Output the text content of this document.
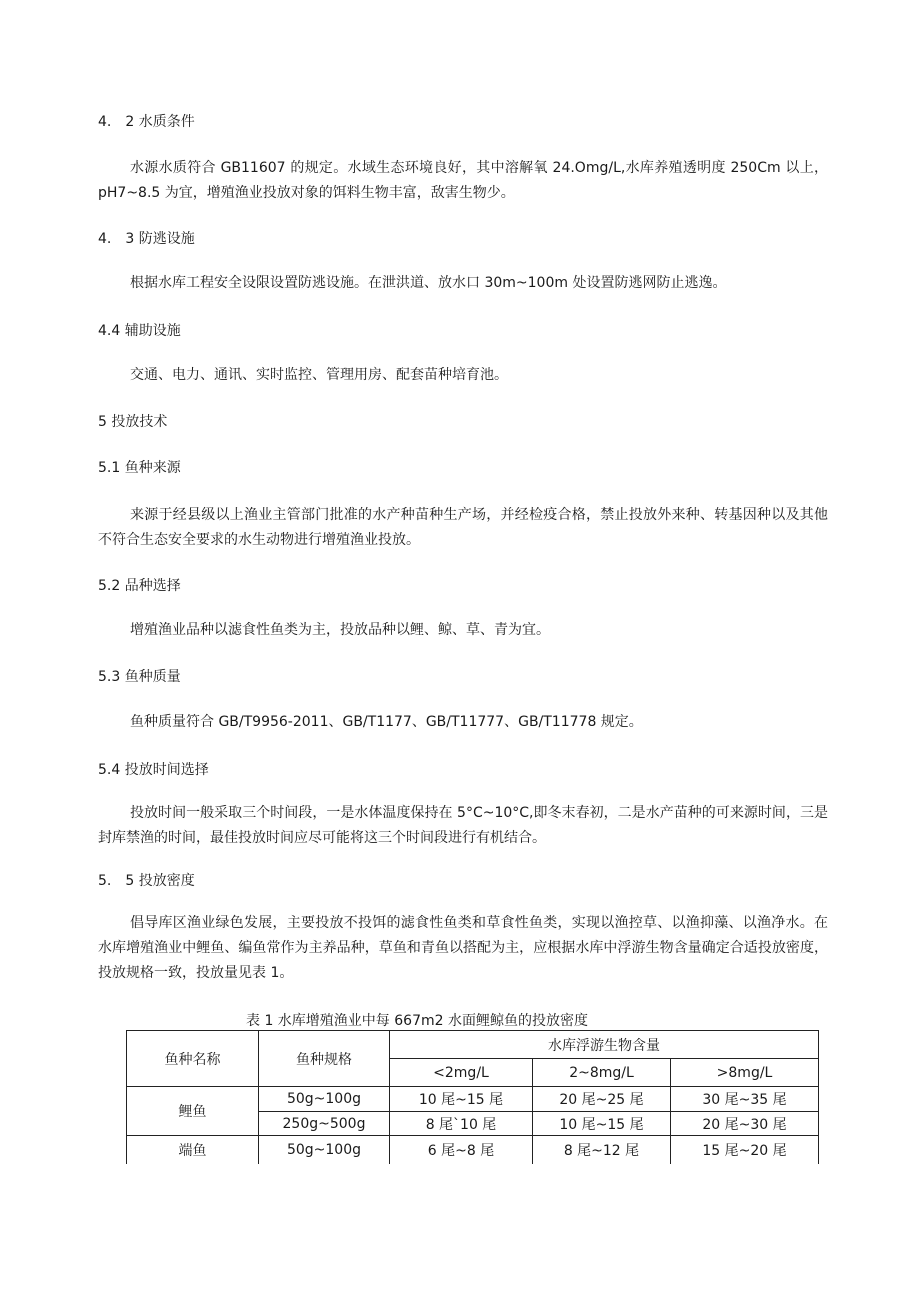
4.　2 水质条件
水源水质符合 GB11607 的规定。水域生态环境良好，其中溶解氧 24.Omg/L,水库养殖透明度 250Cm 以上，pH7~8.5 为宜，增殖渔业投放对象的饵料生物丰富，敌害生物少。
4.　3 防逃设施
根据水库工程安全设限设置防逃设施。在泄洪道、放水口 30m~100m 处设置防逃网防止逃逸。
4.4 辅助设施
交通、电力、通讯、实时监控、管理用房、配套苗种培育池。
5 投放技术
5.1 鱼种来源
来源于经县级以上渔业主管部门批准的水产种苗种生产场，并经检疫合格，禁止投放外来种、转基因种以及其他不符合生态安全要求的水生动物进行增殖渔业投放。
5.2 品种选择
增殖渔业品种以滤食性鱼类为主，投放品种以鲤、鲸、草、青为宜。
5.3 鱼种质量
鱼种质量符合 GB/T9956-2011、GB/T1177、GB/T11777、GB/T11778 规定。
5.4 投放时间选择
投放时间一般采取三个时间段，一是水体温度保持在 5°C~10°C,即冬末春初，二是水产苗种的可来源时间，三是封库禁渔的时间，最佳投放时间应尽可能将这三个时间段进行有机结合。
5.　5 投放密度
倡导库区渔业绿色发展，主要投放不投饵的滤食性鱼类和草食性鱼类，实现以渔控草、以渔抑藻、以渔净水。在水库增殖渔业中鲤鱼、编鱼常作为主养品种，草鱼和青鱼以搭配为主，应根据水库中浮游生物含量确定合适投放密度，投放规格一致，投放量见表 1。
表 1 水库增殖渔业中每 667m2 水面鲤鲸鱼的投放密度
鱼种名称	鱼种规格	水库浮游生物含量		
		<2mg/L	2~8mg/L	>8mg/L
鲤鱼	50g~100g	10 尾~15 尾	20 尾~25 尾	30 尾~35 尾
	250g~500g	8 尾`10 尾	10 尾~15 尾	20 尾~30 尾
端鱼	50g~100g	6 尾~8 尾	8 尾~12 尾	15 尾~20 尾
